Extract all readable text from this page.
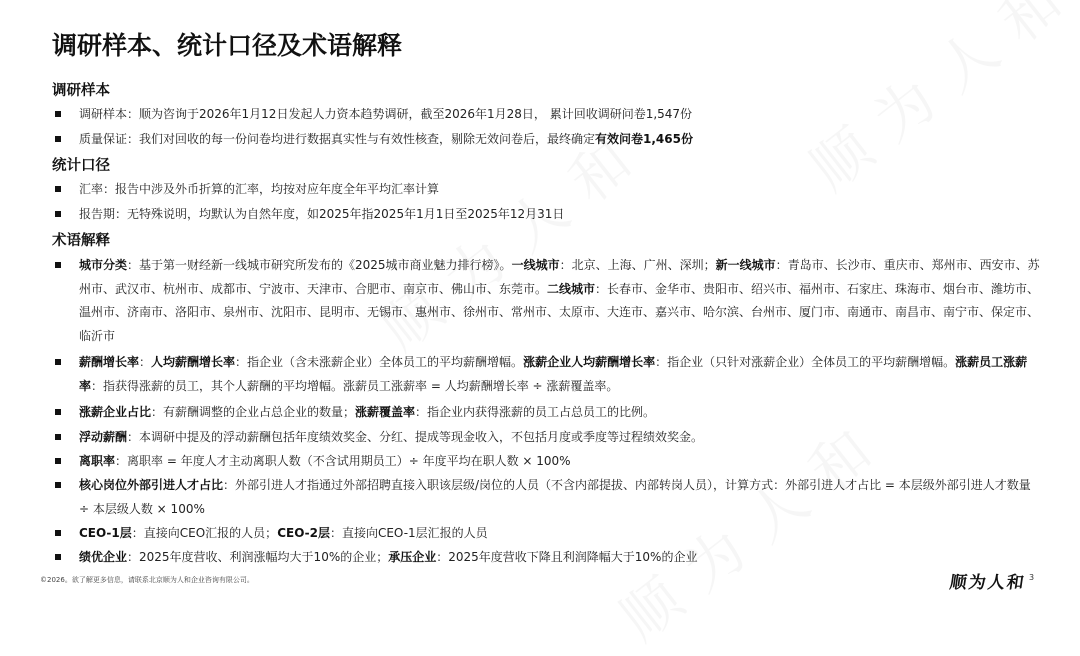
调研样本、统计口径及术语解释
调研样本
调研样本：顺为咨询于2026年1月12日发起人力资本趋势调研，截至2026年1月28日， 累计回收调研问卷1,547份
质量保证：我们对回收的每一份问卷均进行数据真实性与有效性核查，剔除无效问卷后，最终确定有效问卷1,465份
统计口径
汇率：报告中涉及外币折算的汇率，均按对应年度全年平均汇率计算
报告期：无特殊说明，均默认为自然年度，如2025年指2025年1月1日至2025年12月31日
术语解释
城市分类：基于第一财经新一线城市研究所发布的《2025城市商业魅力排行榜》。一线城市：北京、上海、广州、深圳；新一线城市：青岛市、长沙市、重庆市、郑州市、西安市、苏州市、武汉市、杭州市、成都市、宁波市、天津市、合肥市、南京市、佛山市、东莞市。二线城市：长春市、金华市、贵阳市、绍兴市、福州市、石家庄、珠海市、烟台市、潍坊市、温州市、济南市、洛阳市、泉州市、沈阳市、昆明市、无锡市、惠州市、徐州市、常州市、太原市、大连市、嘉兴市、哈尔滨、台州市、厦门市、南通市、南昌市、南宁市、保定市、临沂市
薪酬增长率：人均薪酬增长率：指企业（含未涨薪企业）全体员工的平均薪酬增幅。涨薪企业人均薪酬增长率：指企业（只针对涨薪企业）全体员工的平均薪酬增幅。涨薪员工涨薪率：指获得涨薪的员工，其个人薪酬的平均增幅。涨薪员工涨薪率 = 人均薪酬增长率 ÷ 涨薪覆盖率。
涨薪企业占比：有薪酬调整的企业占总企业的数量；涨薪覆盖率：指企业内获得涨薪的员工占总员工的比例。
浮动薪酬：本调研中提及的浮动薪酬包括年度绩效奖金、分红、提成等现金收入，不包括月度或季度等过程绩效奖金。
离职率：离职率 = 年度人才主动离职人数（不含试用期员工）÷ 年度平均在职人数 × 100%
核心岗位外部引进人才占比：外部引进人才指通过外部招聘直接入职该层级/岗位的人员（不含内部提拔、内部转岗人员），计算方式：外部引进人才占比 = 本层级外部引进人才数量 ÷ 本层级人数 × 100%
CEO-1层：直接向CEO汇报的人员；CEO-2层：直接向CEO-1层汇报的人员
绩优企业：2025年度营收、利润涨幅均大于10%的企业；承压企业：2025年度营收下降且利润降幅大于10%的企业
©2026。欲了解更多信息，请联系北京顺为人和企业咨询有限公司。	顺为人和 3
